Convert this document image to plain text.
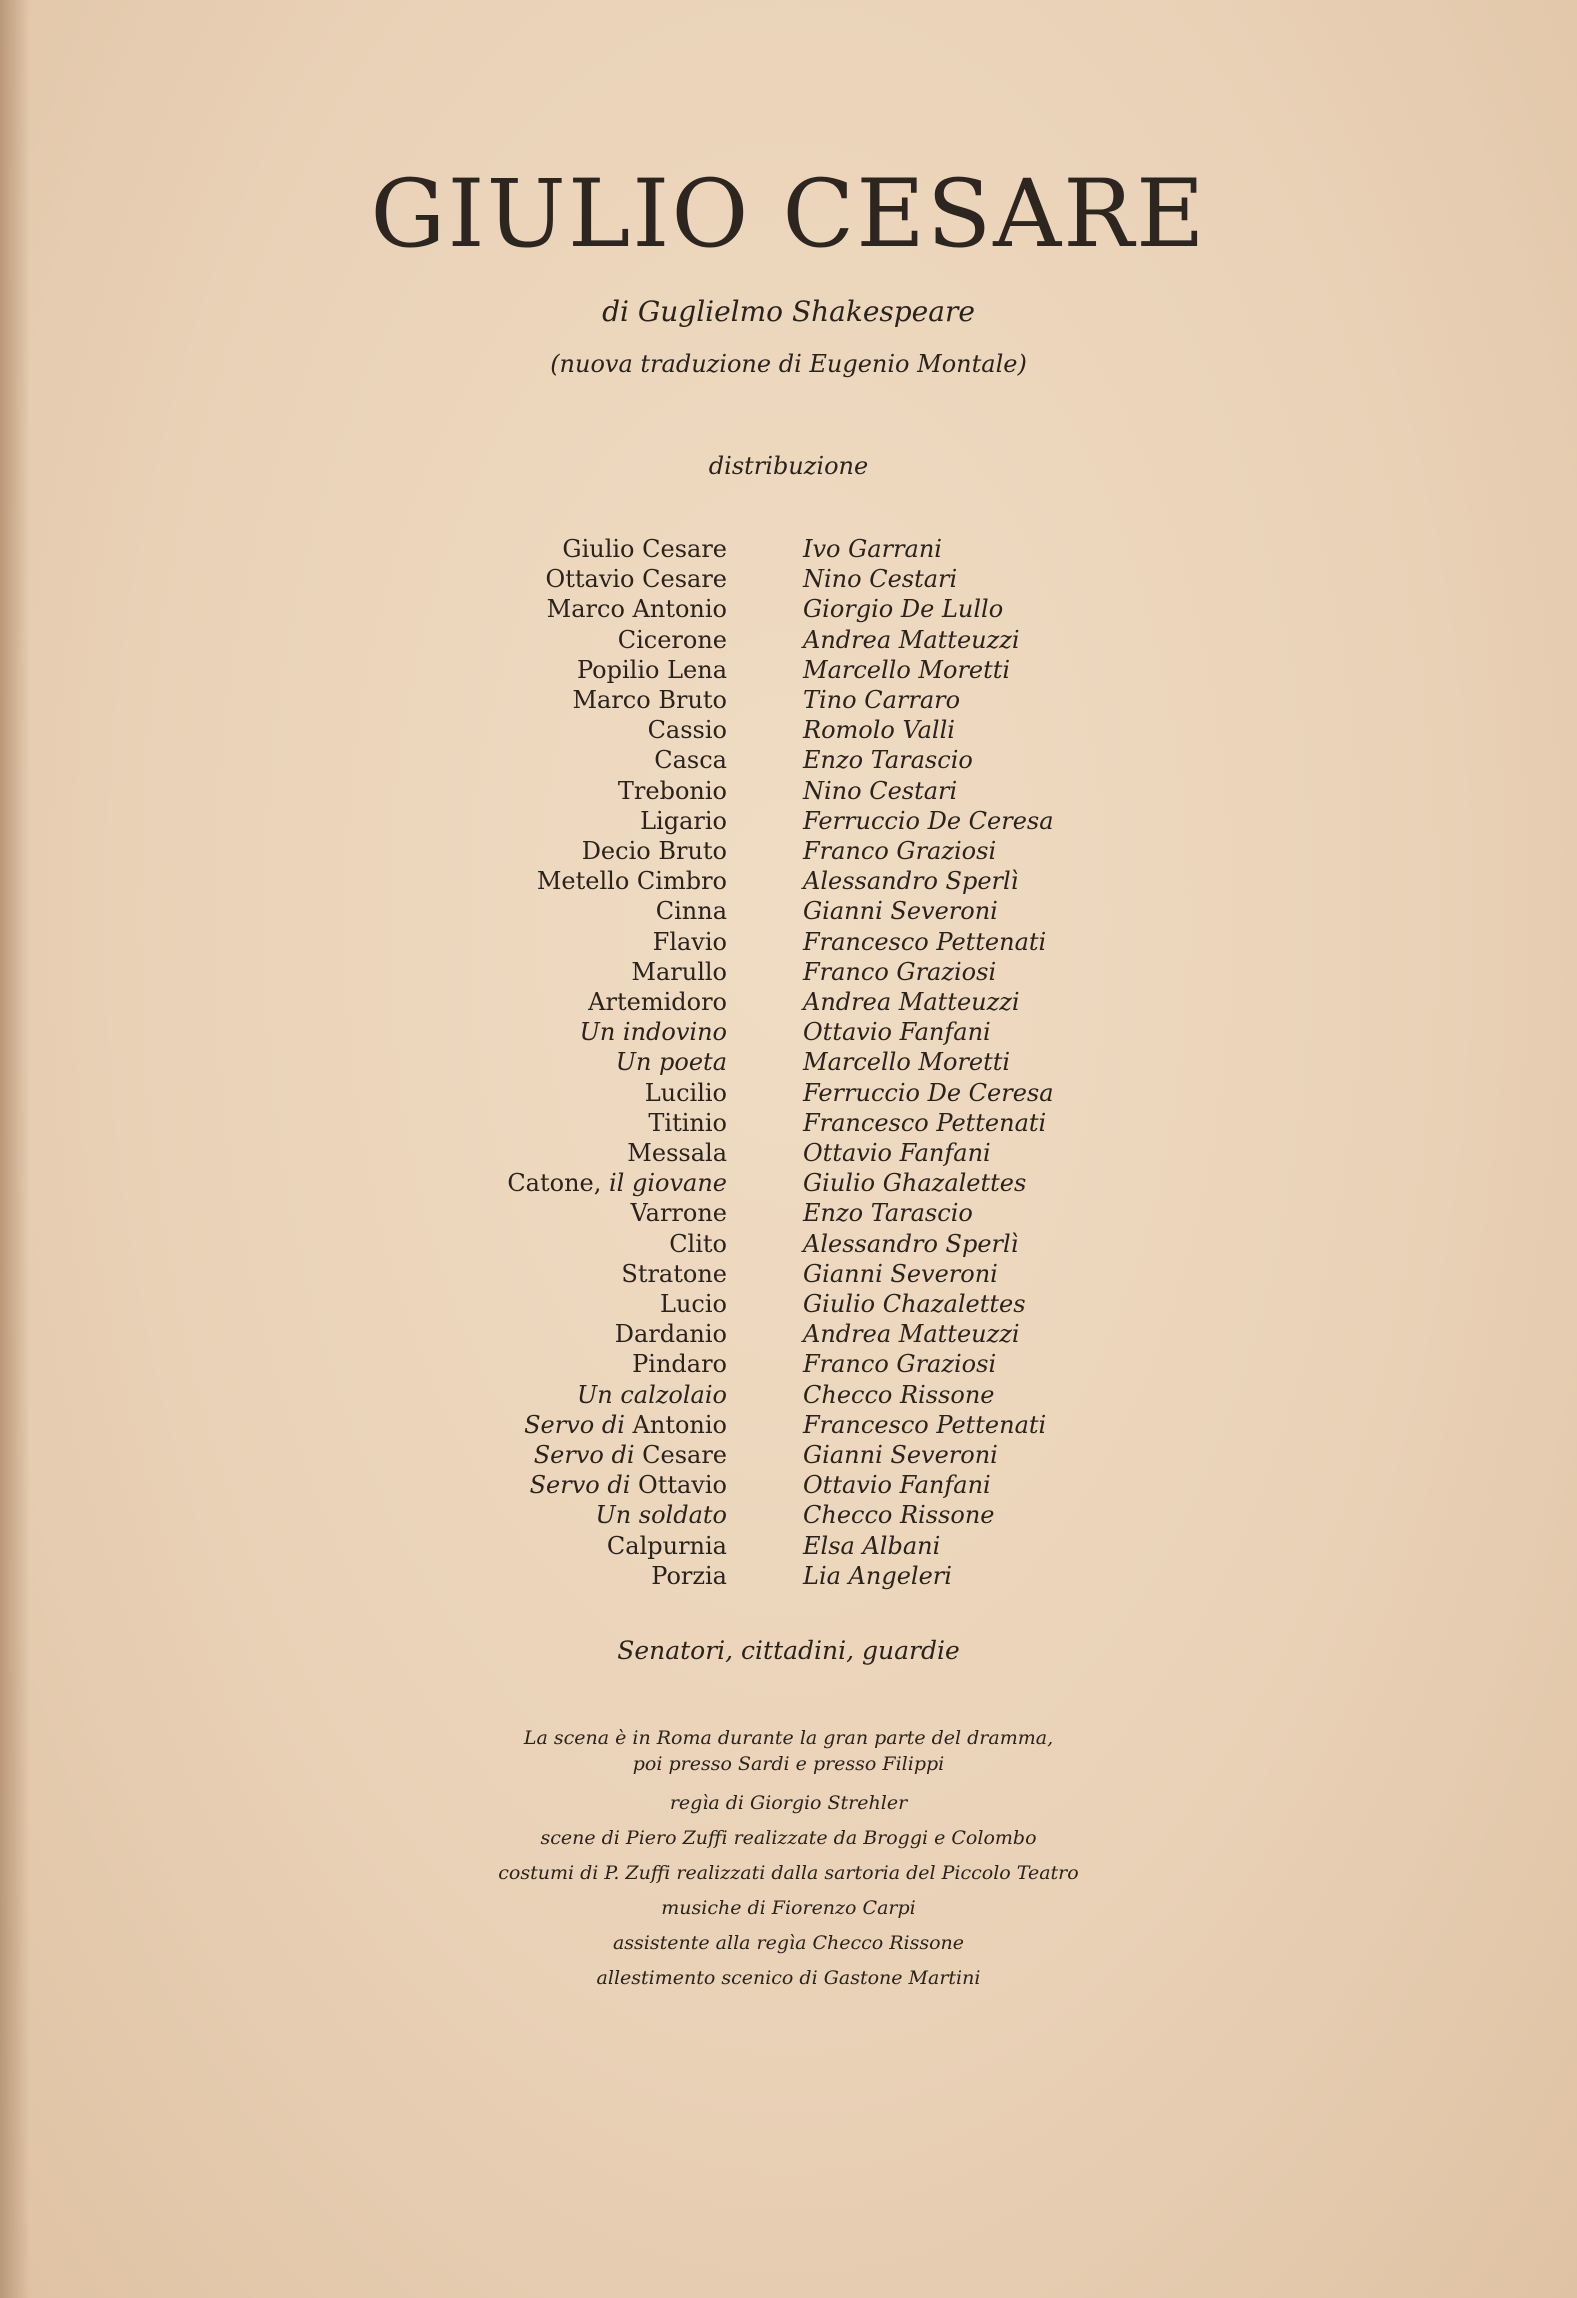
GIULIO CESARE
di Guglielmo Shakespeare
(nuova traduzione di Eugenio Montale)
distribuzione
Giulio Cesare	Ivo Garrani
Ottavio Cesare	Nino Cestari
Marco Antonio	Giorgio De Lullo
Cicerone	Andrea Matteuzzi
Popilio Lena	Marcello Moretti
Marco Bruto	Tino Carraro
Cassio	Romolo Valli
Casca	Enzo Tarascio
Trebonio	Nino Cestari
Ligario	Ferruccio De Ceresa
Decio Bruto	Franco Graziosi
Metello Cimbro	Alessandro Sperlì
Cinna	Gianni Severoni
Flavio	Francesco Pettenati
Marullo	Franco Graziosi
Artemidoro	Andrea Matteuzzi
Un indovino	Ottavio Fanfani
Un poeta	Marcello Moretti
Lucilio	Ferruccio De Ceresa
Titinio	Francesco Pettenati
Messala	Ottavio Fanfani
Catone, il giovane	Giulio Ghazalettes
Varrone	Enzo Tarascio
Clito	Alessandro Sperlì
Stratone	Gianni Severoni
Lucio	Giulio Chazalettes
Dardanio	Andrea Matteuzzi
Pindaro	Franco Graziosi
Un calzolaio	Checco Rissone
Servo di Antonio	Francesco Pettenati
Servo di Cesare	Gianni Severoni
Servo di Ottavio	Ottavio Fanfani
Un soldato	Checco Rissone
Calpurnia	Elsa Albani
Porzia	Lia Angeleri
Senatori, cittadini, guardie
La scena è in Roma durante la gran parte del dramma,
poi presso Sardi e presso Filippi
regìa di Giorgio Strehler
scene di Piero Zuffi realizzate da Broggi e Colombo
costumi di P. Zuffi realizzati dalla sartoria del Piccolo Teatro
musiche di Fiorenzo Carpi
assistente alla regìa Checco Rissone
allestimento scenico di Gastone Martini
